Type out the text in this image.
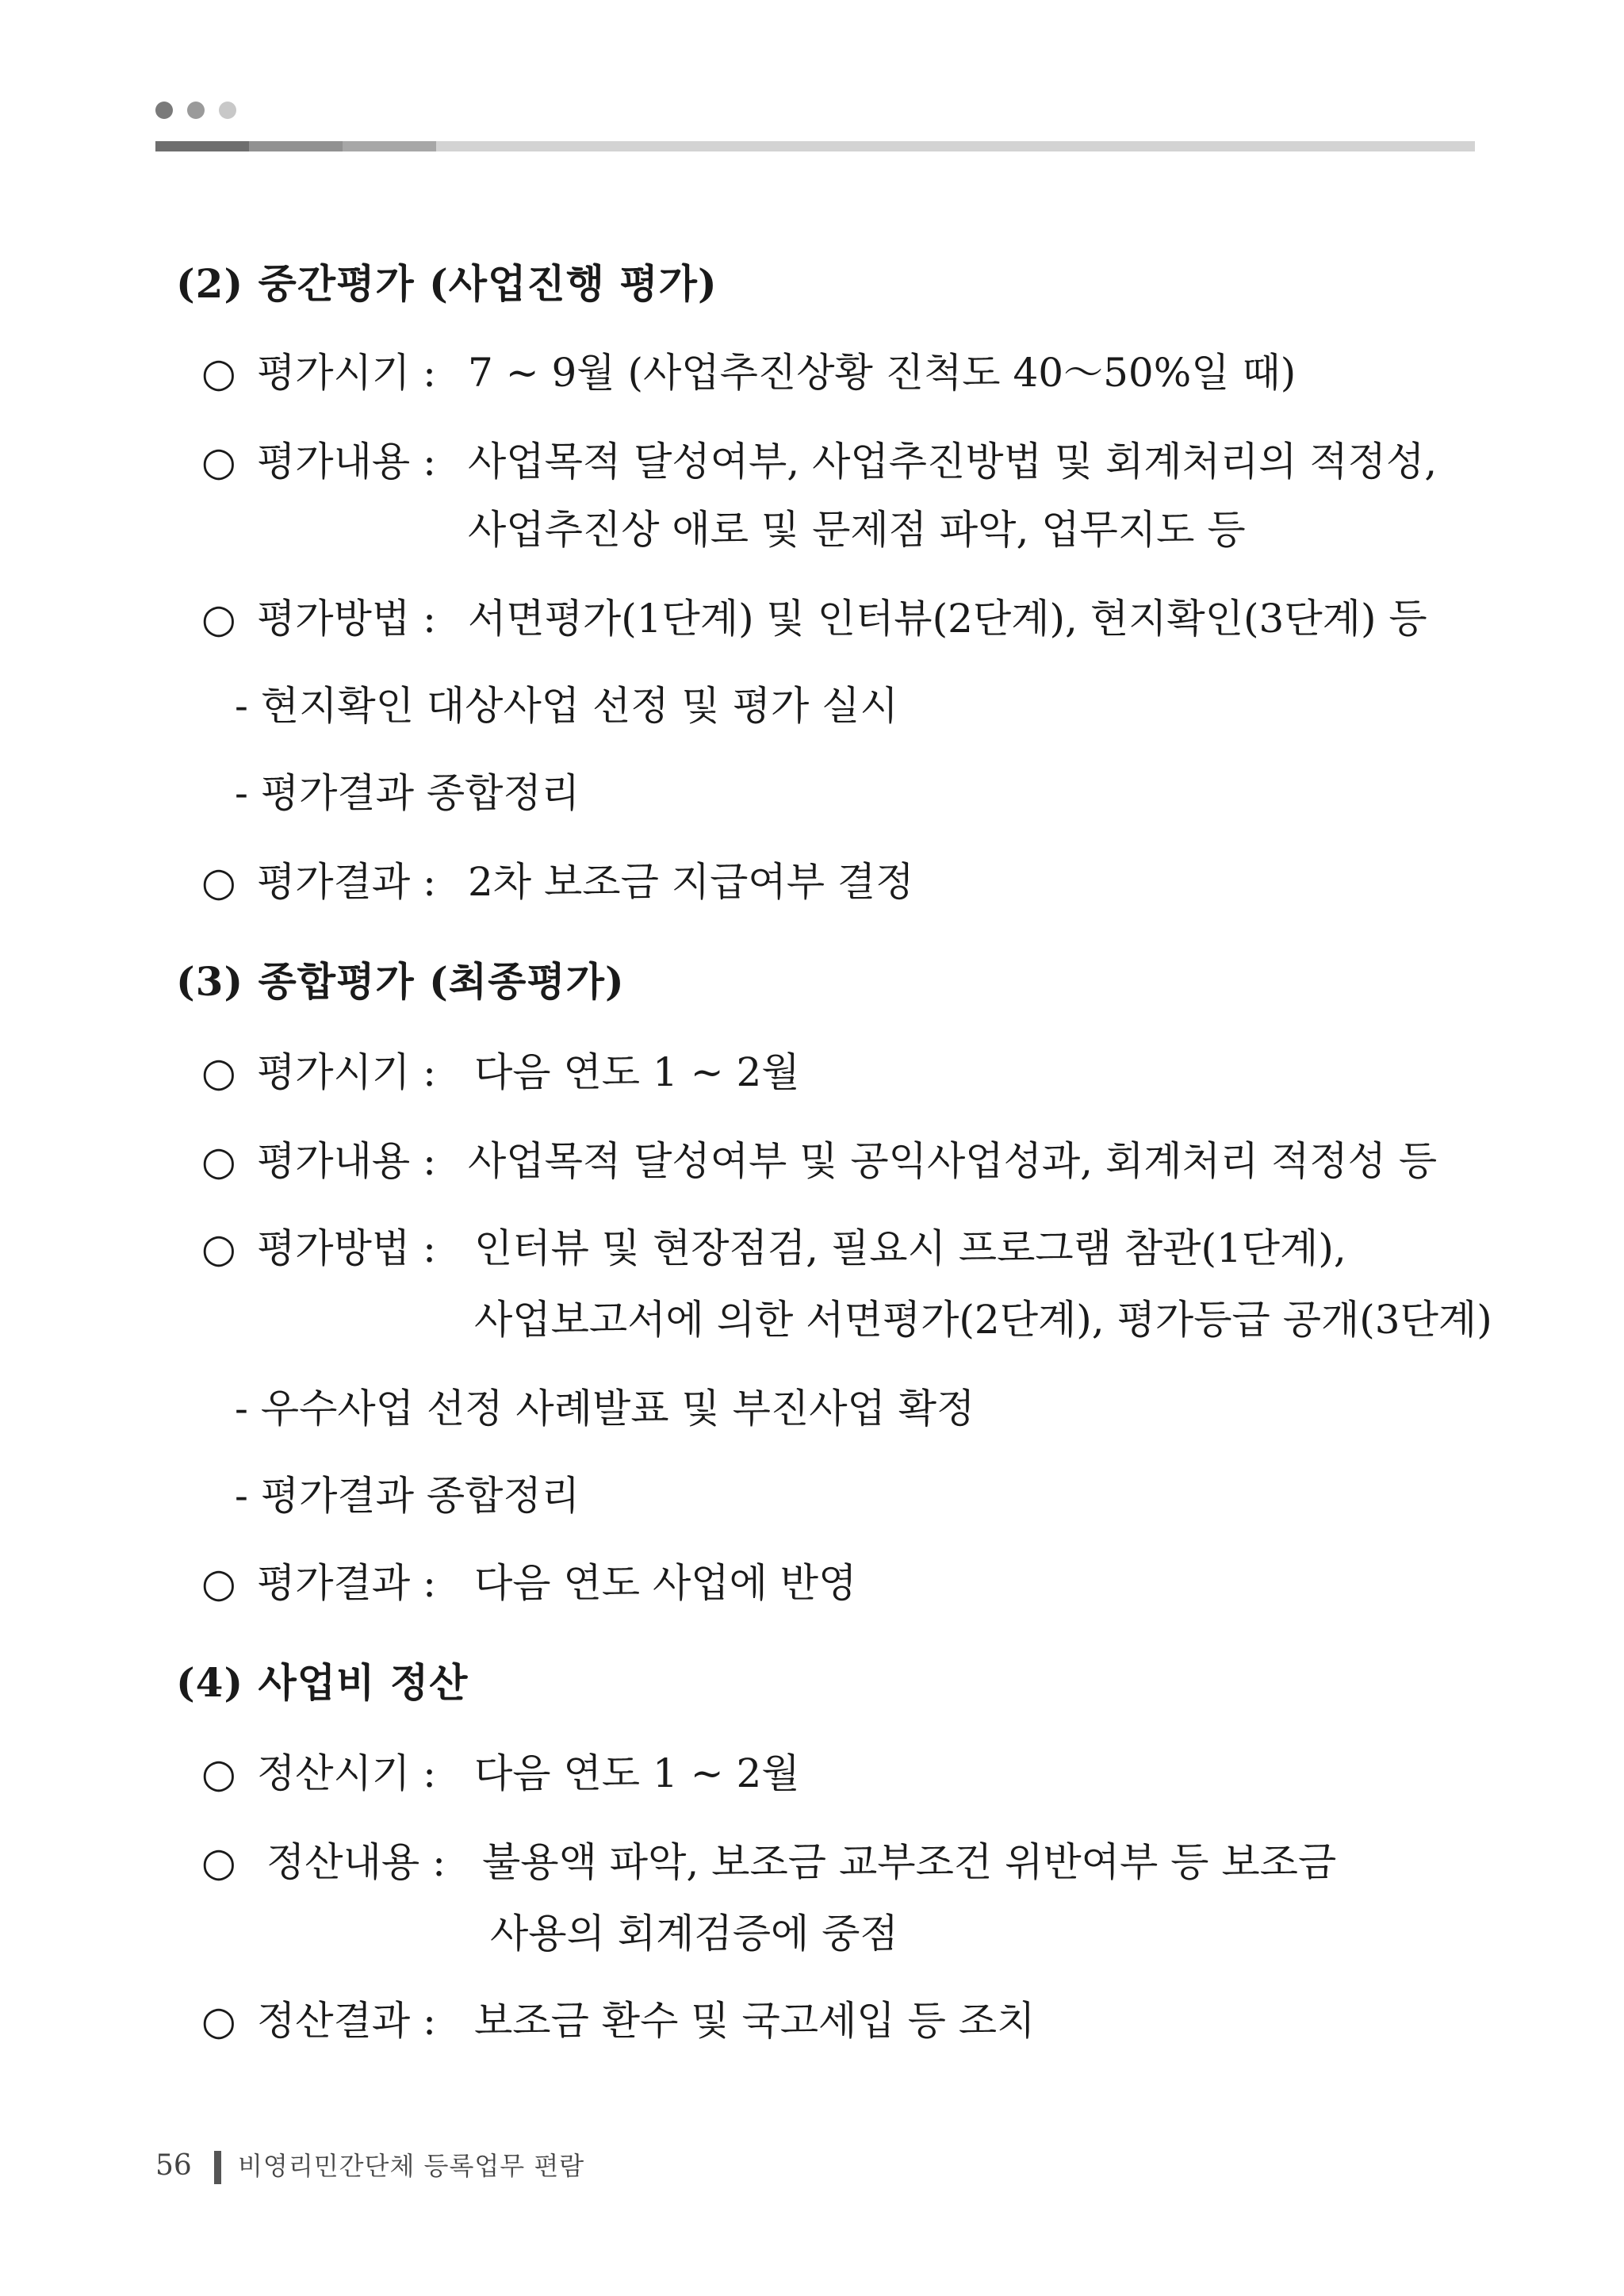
(2) 중간평가 (사업진행 평가)
○ 평가시기 : 7 ~ 9월 (사업추진상황 진척도 40～50%일 때)
○ 평가내용 : 사업목적 달성여부, 사업추진방법 및 회계처리의 적정성,
사업추진상 애로 및 문제점 파악, 업무지도 등
○ 평가방법 : 서면평가(1단계) 및 인터뷰(2단계), 현지확인(3단계) 등
- 현지확인 대상사업 선정 및 평가 실시
- 평가결과 종합정리
○ 평가결과 : 2차 보조금 지급여부 결정
(3) 종합평가 (최종평가)
○ 평가시기 : 다음 연도 1 ~ 2월
○ 평가내용 : 사업목적 달성여부 및 공익사업성과, 회계처리 적정성 등
○ 평가방법 : 인터뷰 및 현장점검, 필요시 프로그램 참관(1단계),
사업보고서에 의한 서면평가(2단계), 평가등급 공개(3단계)
- 우수사업 선정 사례발표 및 부진사업 확정
- 평가결과 종합정리
○ 평가결과 : 다음 연도 사업에 반영
(4) 사업비 정산
○ 정산시기 : 다음 연도 1 ~ 2월
○ 정산내용 : 불용액 파악, 보조금 교부조건 위반여부 등 보조금
사용의 회계검증에 중점
○ 정산결과 : 보조금 환수 및 국고세입 등 조치
56 비영리민간단체 등록업무 편람
